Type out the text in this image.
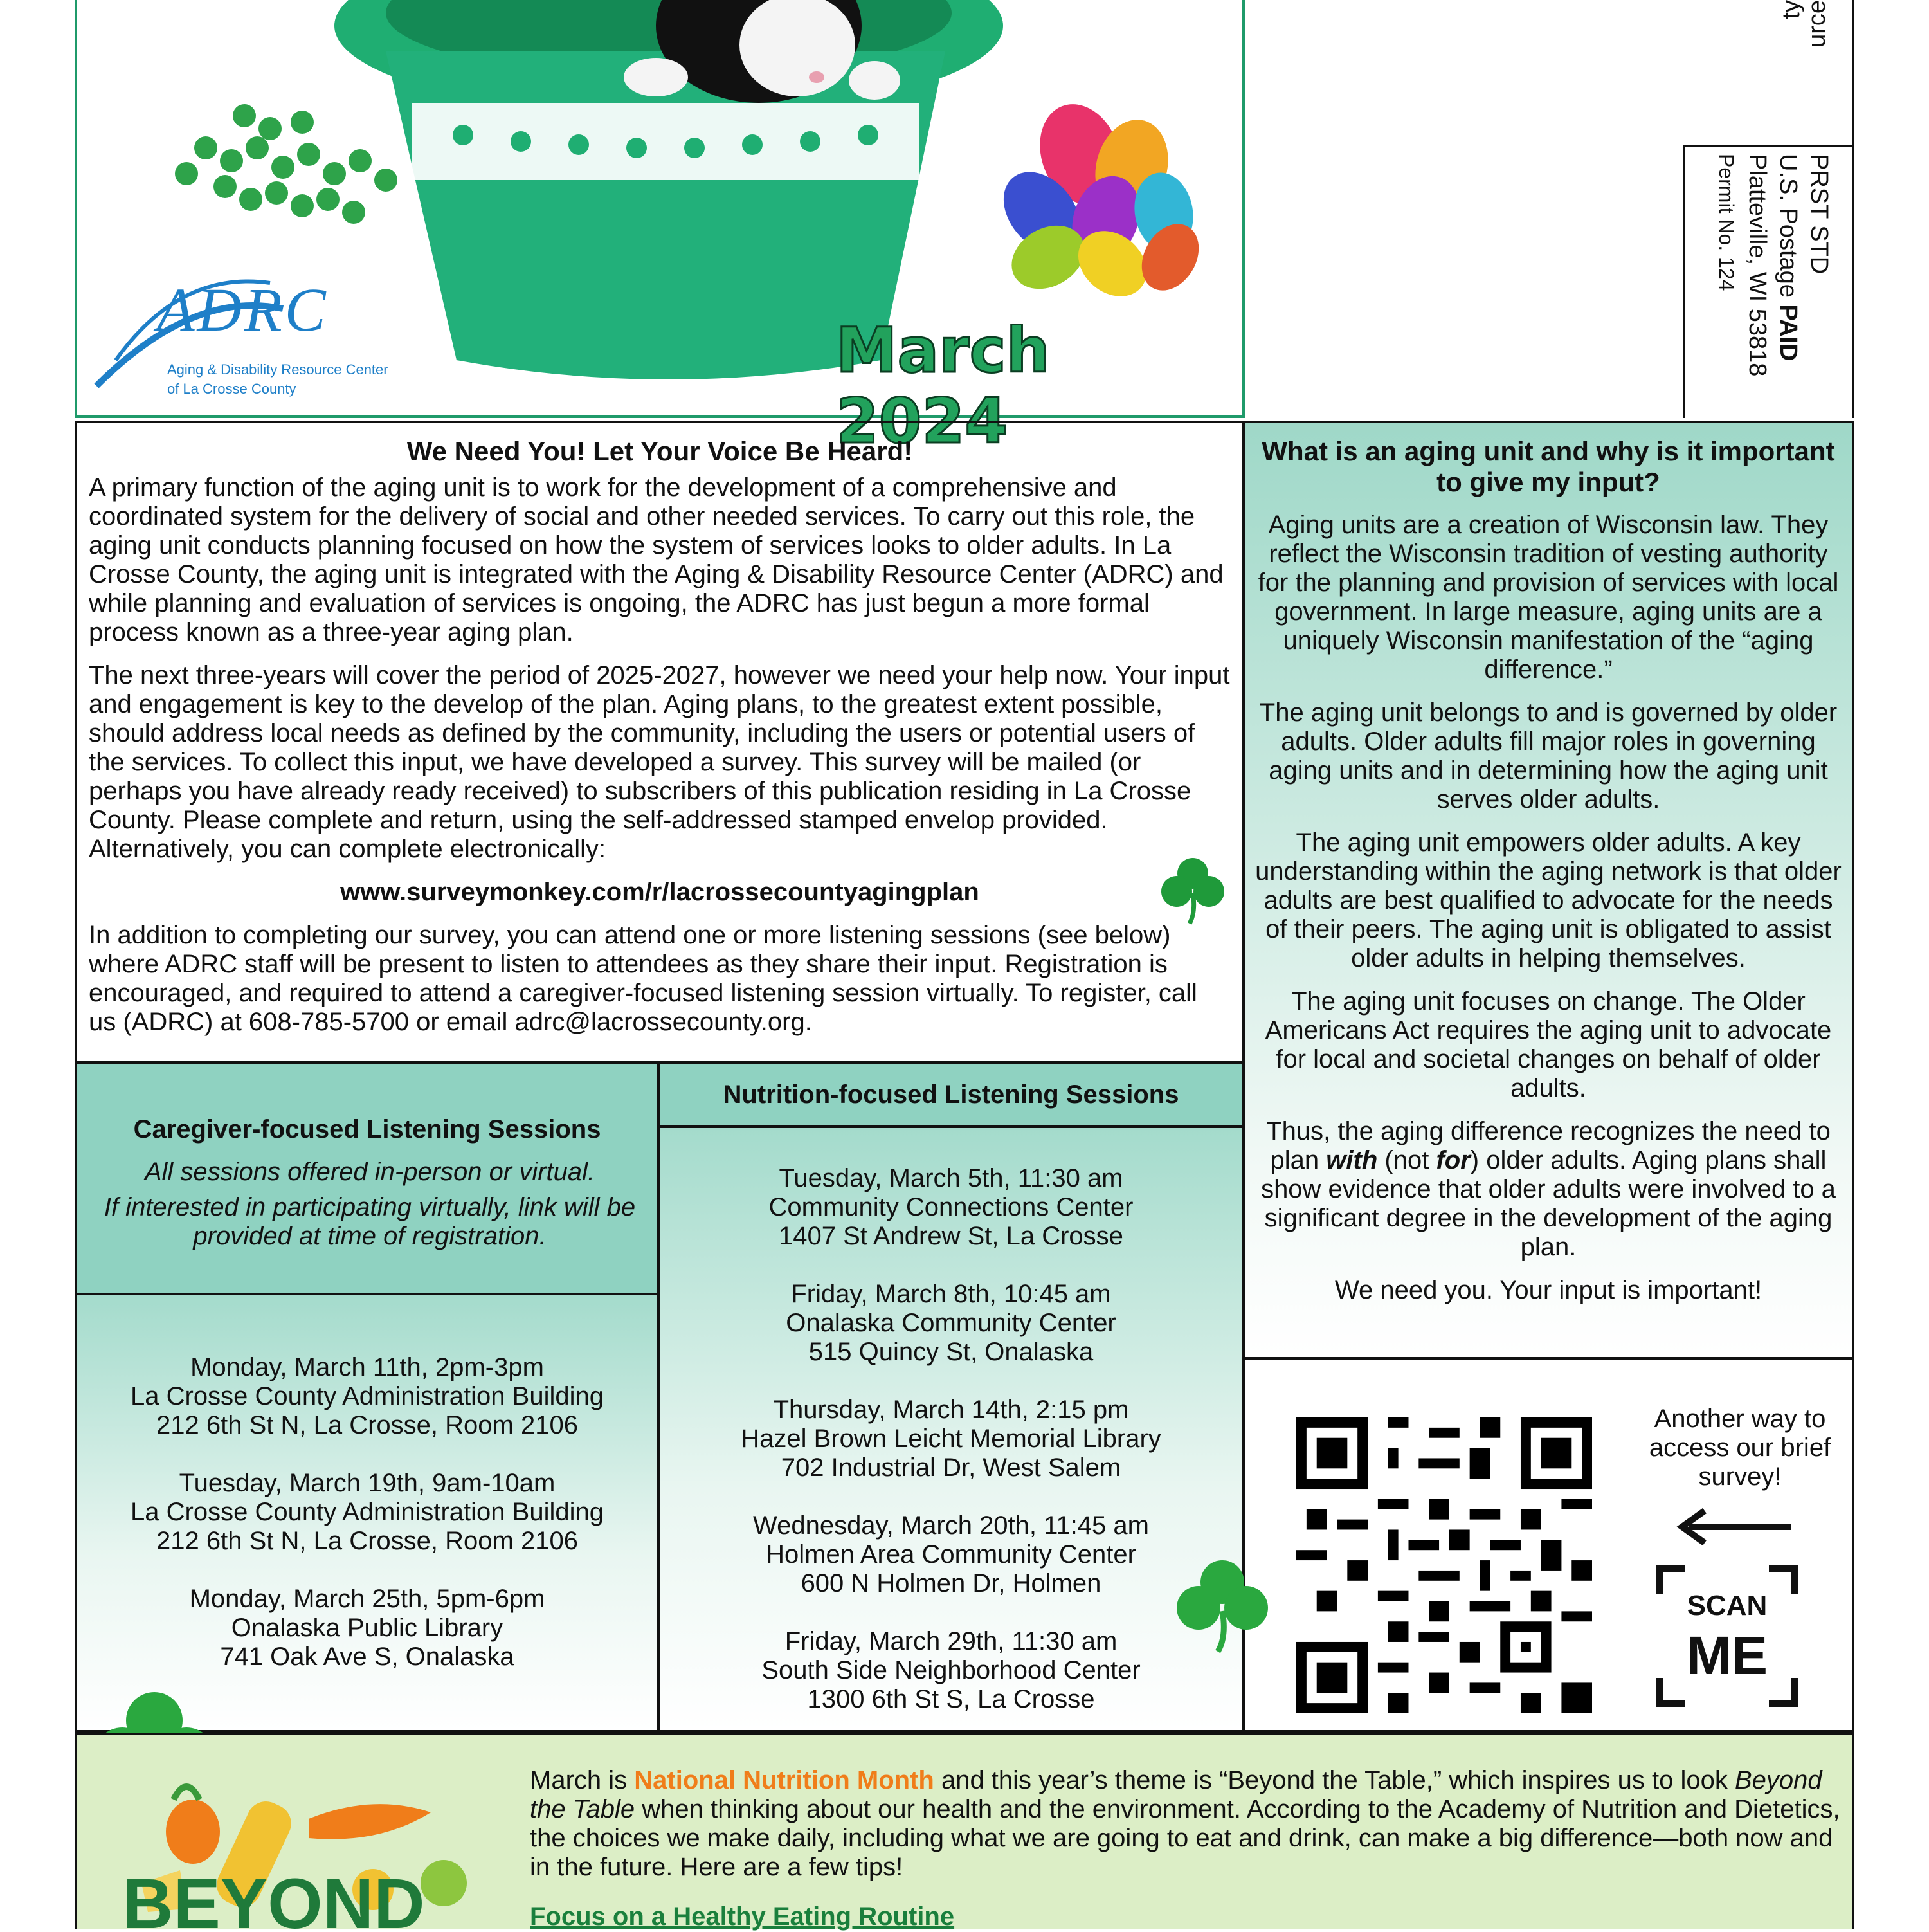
ADRC
Aging & Disability Resource Center
of La Crosse County
March 2024
urce
ty
PRST STD
U.S. Postage PAID
Platteville, WI 53818
Permit No. 124
We Need You! Let Your Voice Be Heard!

A primary function of the aging unit is to work for the development of a comprehensive and coordinated system for the delivery of social and other needed services. To carry out this role, the aging unit conducts planning focused on how the system of services looks to older adults. In La Crosse County, the aging unit is integrated with the Aging & Disability Resource Center (ADRC) and while planning and evaluation of services is ongoing, the ADRC has just begun a more formal process known as a three-year aging plan.

The next three-years will cover the period of 2025-2027, however we need your help now. Your input and engagement is key to the develop of the plan. Aging plans, to the greatest extent possible, should address local needs as defined by the community, including the users or potential users of the services. To collect this input, we have developed a survey. This survey will be mailed (or perhaps you have already ready received) to subscribers of this publication residing in La Crosse County. Please complete and return, using the self-addressed stamped envelop provided. Alternatively, you can complete electronically:

www.surveymonkey.com/r/lacrossecountyagingplan

In addition to completing our survey, you can attend one or more listening sessions (see below) where ADRC staff will be present to listen to attendees as they share their input. Registration is encouraged, and required to attend a caregiver-focused listening session virtually. To register, call us (ADRC) at 608-785-5700 or email adrc@lacrossecounty.org.

What is an aging unit and why is it important to give my input?

Aging units are a creation of Wisconsin law. They reflect the Wisconsin tradition of vesting authority for the planning and provision of services with local government. In large measure, aging units are a uniquely Wisconsin manifestation of the “aging difference.”

The aging unit belongs to and is governed by older adults. Older adults fill major roles in governing aging units and in determining how the aging unit serves older adults.

The aging unit empowers older adults. A key understanding within the aging network is that older adults are best qualified to advocate for the needs of their peers. The aging unit is obligated to assist older adults in helping themselves.

The aging unit focuses on change. The Older Americans Act requires the aging unit to advocate for local and societal changes on behalf of older adults.

Thus, the aging difference recognizes the need to plan with (not for) older adults. Aging plans shall show evidence that older adults were involved to a significant degree in the development of the aging plan.

We need you. Your input is important!

Another way to access our brief survey!
SCAN
ME
Caregiver-focused Listening Sessions

All sessions offered in-person or virtual.

If interested in participating virtually, link will be provided at time of registration.

Monday, March 11th, 2pm-3pm

La Crosse County Administration Building

212 6th St N, La Crosse, Room 2106

Tuesday, March 19th, 9am-10am

La Crosse County Administration Building

212 6th St N, La Crosse, Room 2106

Monday, March 25th, 5pm-6pm

Onalaska Public Library

741 Oak Ave S, Onalaska

Nutrition-focused Listening Sessions

Tuesday, March 5th, 11:30 am

Community Connections Center

1407 St Andrew St, La Crosse

Friday, March 8th, 10:45 am

Onalaska Community Center

515 Quincy St, Onalaska

Thursday, March 14th, 2:15 pm

Hazel Brown Leicht Memorial Library

702 Industrial Dr, West Salem

Wednesday, March 20th, 11:45 am

Holmen Area Community Center

600 N Holmen Dr, Holmen

Friday, March 29th, 11:30 am

South Side Neighborhood Center

1300 6th St S, La Crosse

BEYOND
March is National Nutrition Month and this year’s theme is “Beyond the Table,” which inspires us to look Beyond the Table when thinking about our health and the environment. According to the Academy of Nutrition and Dietetics, the choices we make daily, including what we are going to eat and drink, can make a big difference—both now and in the future. Here are a few tips!
Focus on a Healthy Eating Routine
